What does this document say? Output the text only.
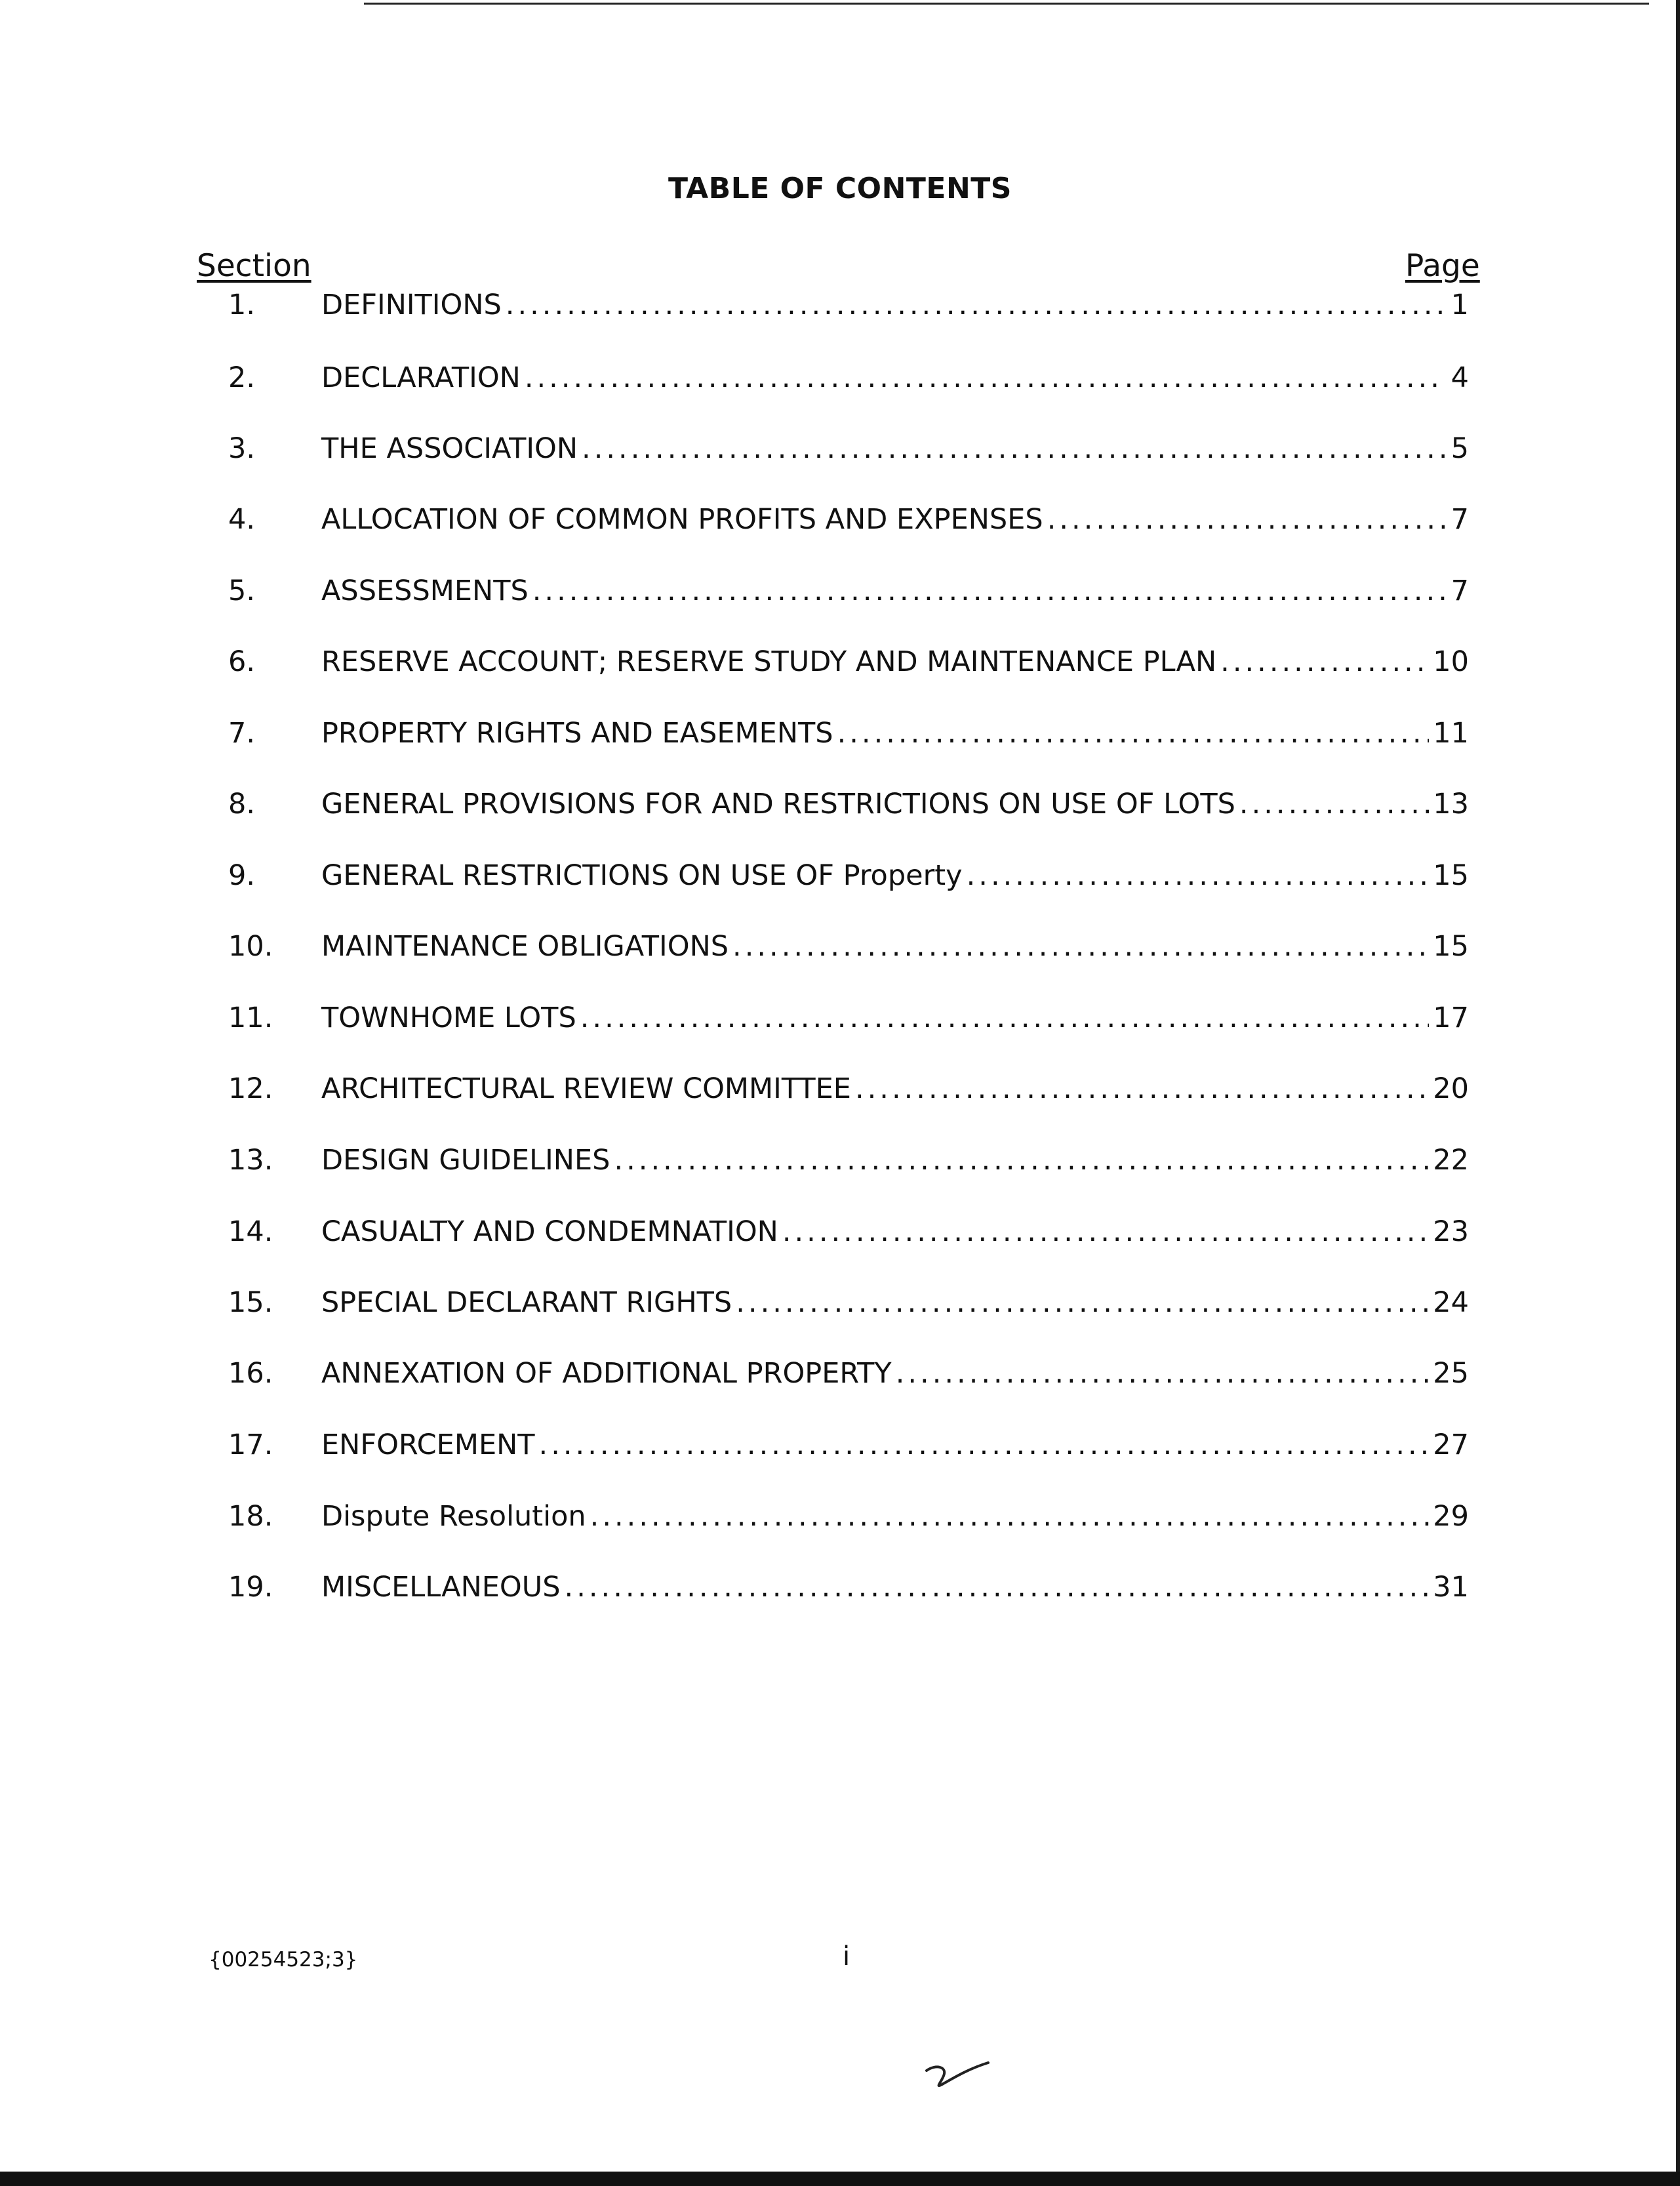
TABLE OF CONTENTS
Section	Page
1.	DEFINITIONS .....	1
2.	DECLARATION .....	4
3.	THE ASSOCIATION .....	5
4.	ALLOCATION OF COMMON PROFITS AND EXPENSES .....	7
5.	ASSESSMENTS .....	7
6.	RESERVE ACCOUNT; RESERVE STUDY AND MAINTENANCE PLAN .....	10
7.	PROPERTY RIGHTS AND EASEMENTS .....	11
8.	GENERAL PROVISIONS FOR AND RESTRICTIONS ON USE OF LOTS .....	13
9.	GENERAL RESTRICTIONS ON USE OF Property .....	15
10.	MAINTENANCE OBLIGATIONS .....	15
11.	TOWNHOME LOTS .....	17
12.	ARCHITECTURAL REVIEW COMMITTEE .....	20
13.	DESIGN GUIDELINES .....	22
14.	CASUALTY AND CONDEMNATION .....	23
15.	SPECIAL DECLARANT RIGHTS .....	24
16.	ANNEXATION OF ADDITIONAL PROPERTY .....	25
17.	ENFORCEMENT .....	27
18.	Dispute Resolution .....	29
19.	MISCELLANEOUS .....	31
{00254523;3}	i
